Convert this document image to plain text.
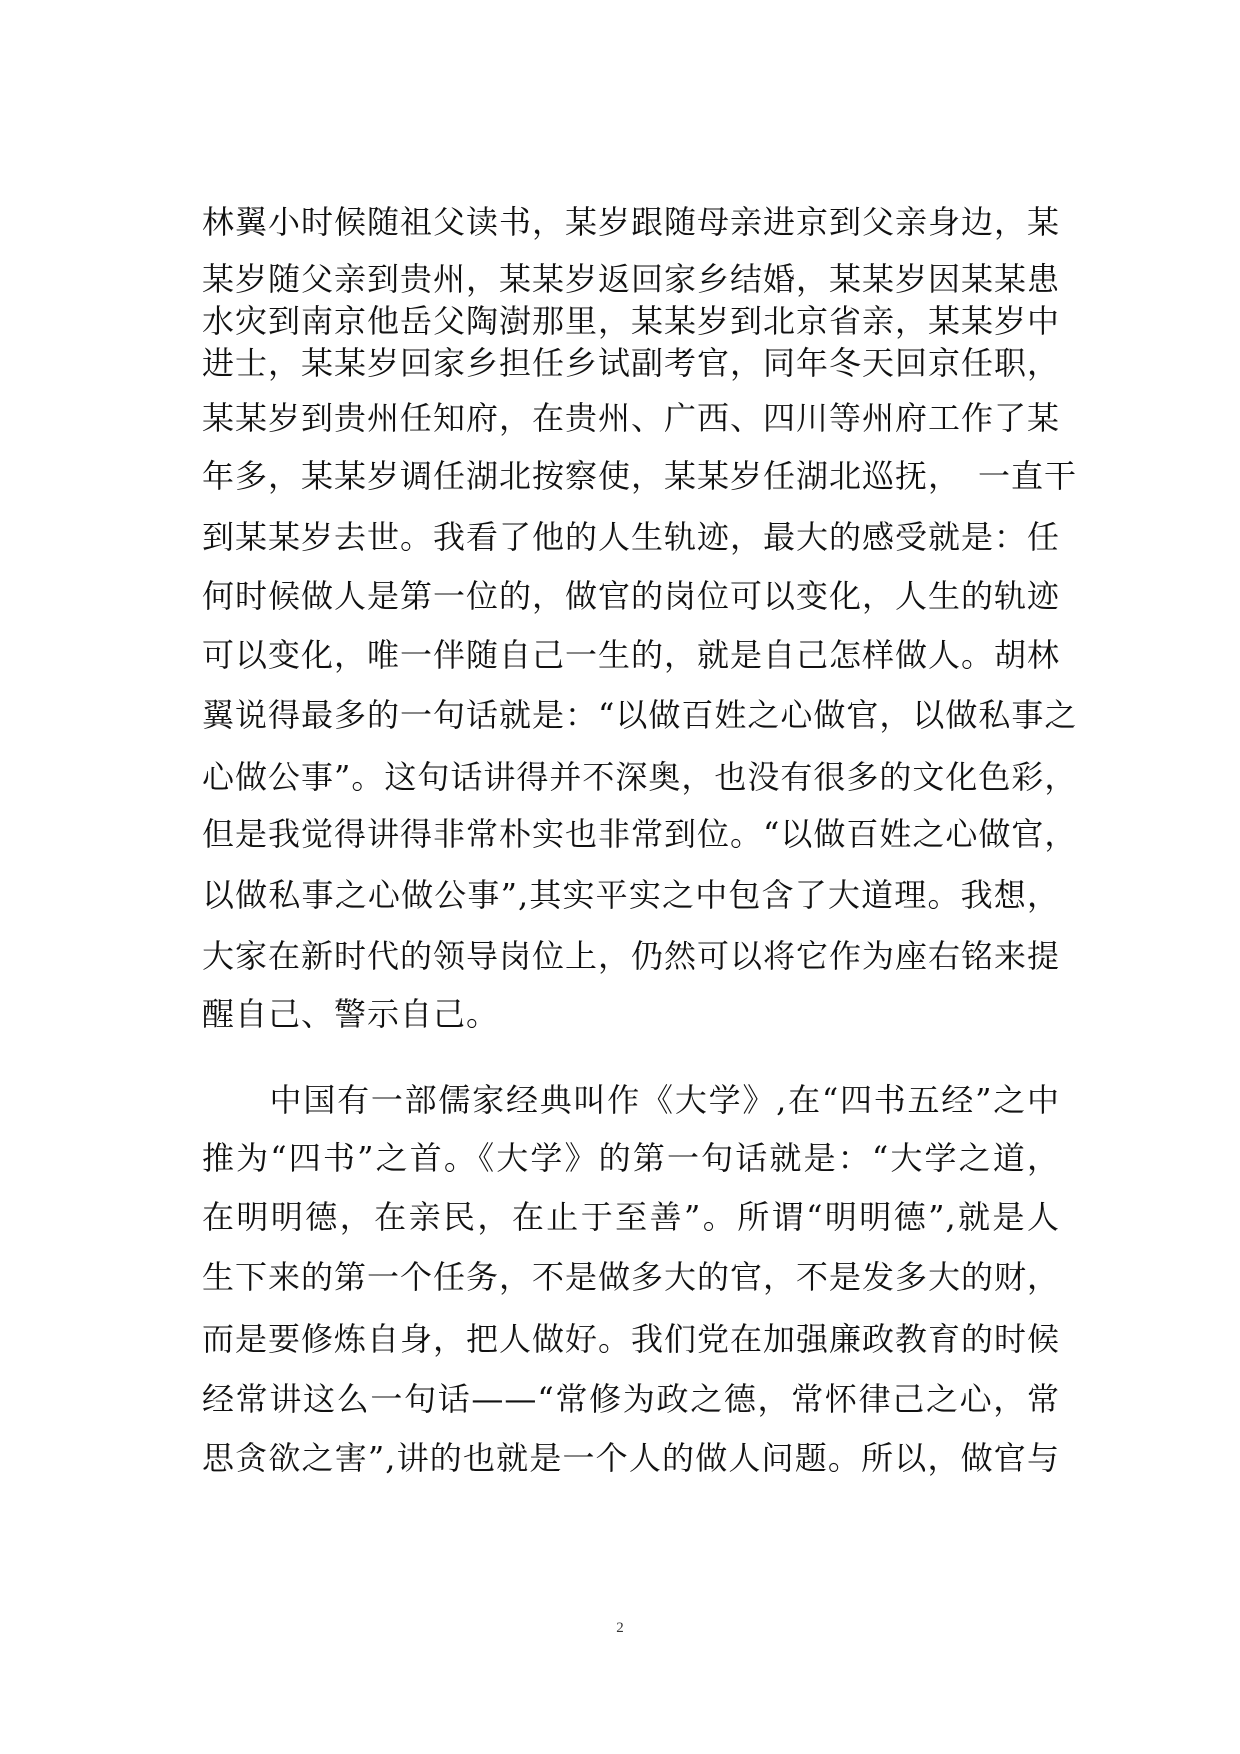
林翼小时候随祖父读书，某岁跟随母亲进京到父亲身边，某
某岁随父亲到贵州，某某岁返回家乡结婚，某某岁因某某患
水灾到南京他岳父陶澍那里，某某岁到北京省亲，某某岁中
进士，某某岁回家乡担任乡试副考官，同年冬天回京任职，
某某岁到贵州任知府，在贵州、广西、四川等州府工作了某
年多，某某岁调任湖北按察使，某某岁任湖北巡抚，　一直干
到某某岁去世。我看了他的人生轨迹，最大的感受就是：任
何时候做人是第一位的，做官的岗位可以变化，人生的轨迹
可以变化，唯一伴随自己一生的，就是自己怎样做人。胡林
翼说得最多的一句话就是：“以做百姓之心做官，以做私事之
心做公事”。这句话讲得并不深奥，也没有很多的文化色彩，
但是我觉得讲得非常朴实也非常到位。“以做百姓之心做官，
以做私事之心做公事”,其实平实之中包含了大道理。我想，
大家在新时代的领导岗位上，仍然可以将它作为座右铭来提
醒自己、警示自己。
　　中国有一部儒家经典叫作《大学》,在“四书五经”之中
推为“四书”之首。《大学》的第一句话就是：“大学之道，
在明明德，在亲民，在止于至善”。所谓“明明德”,就是人
生下来的第一个任务，不是做多大的官，不是发多大的财，
而是要修炼自身，把人做好。我们党在加强廉政教育的时候
经常讲这么一句话——“常修为政之德，常怀律己之心，常
思贪欲之害”,讲的也就是一个人的做人问题。所以，做官与
2
